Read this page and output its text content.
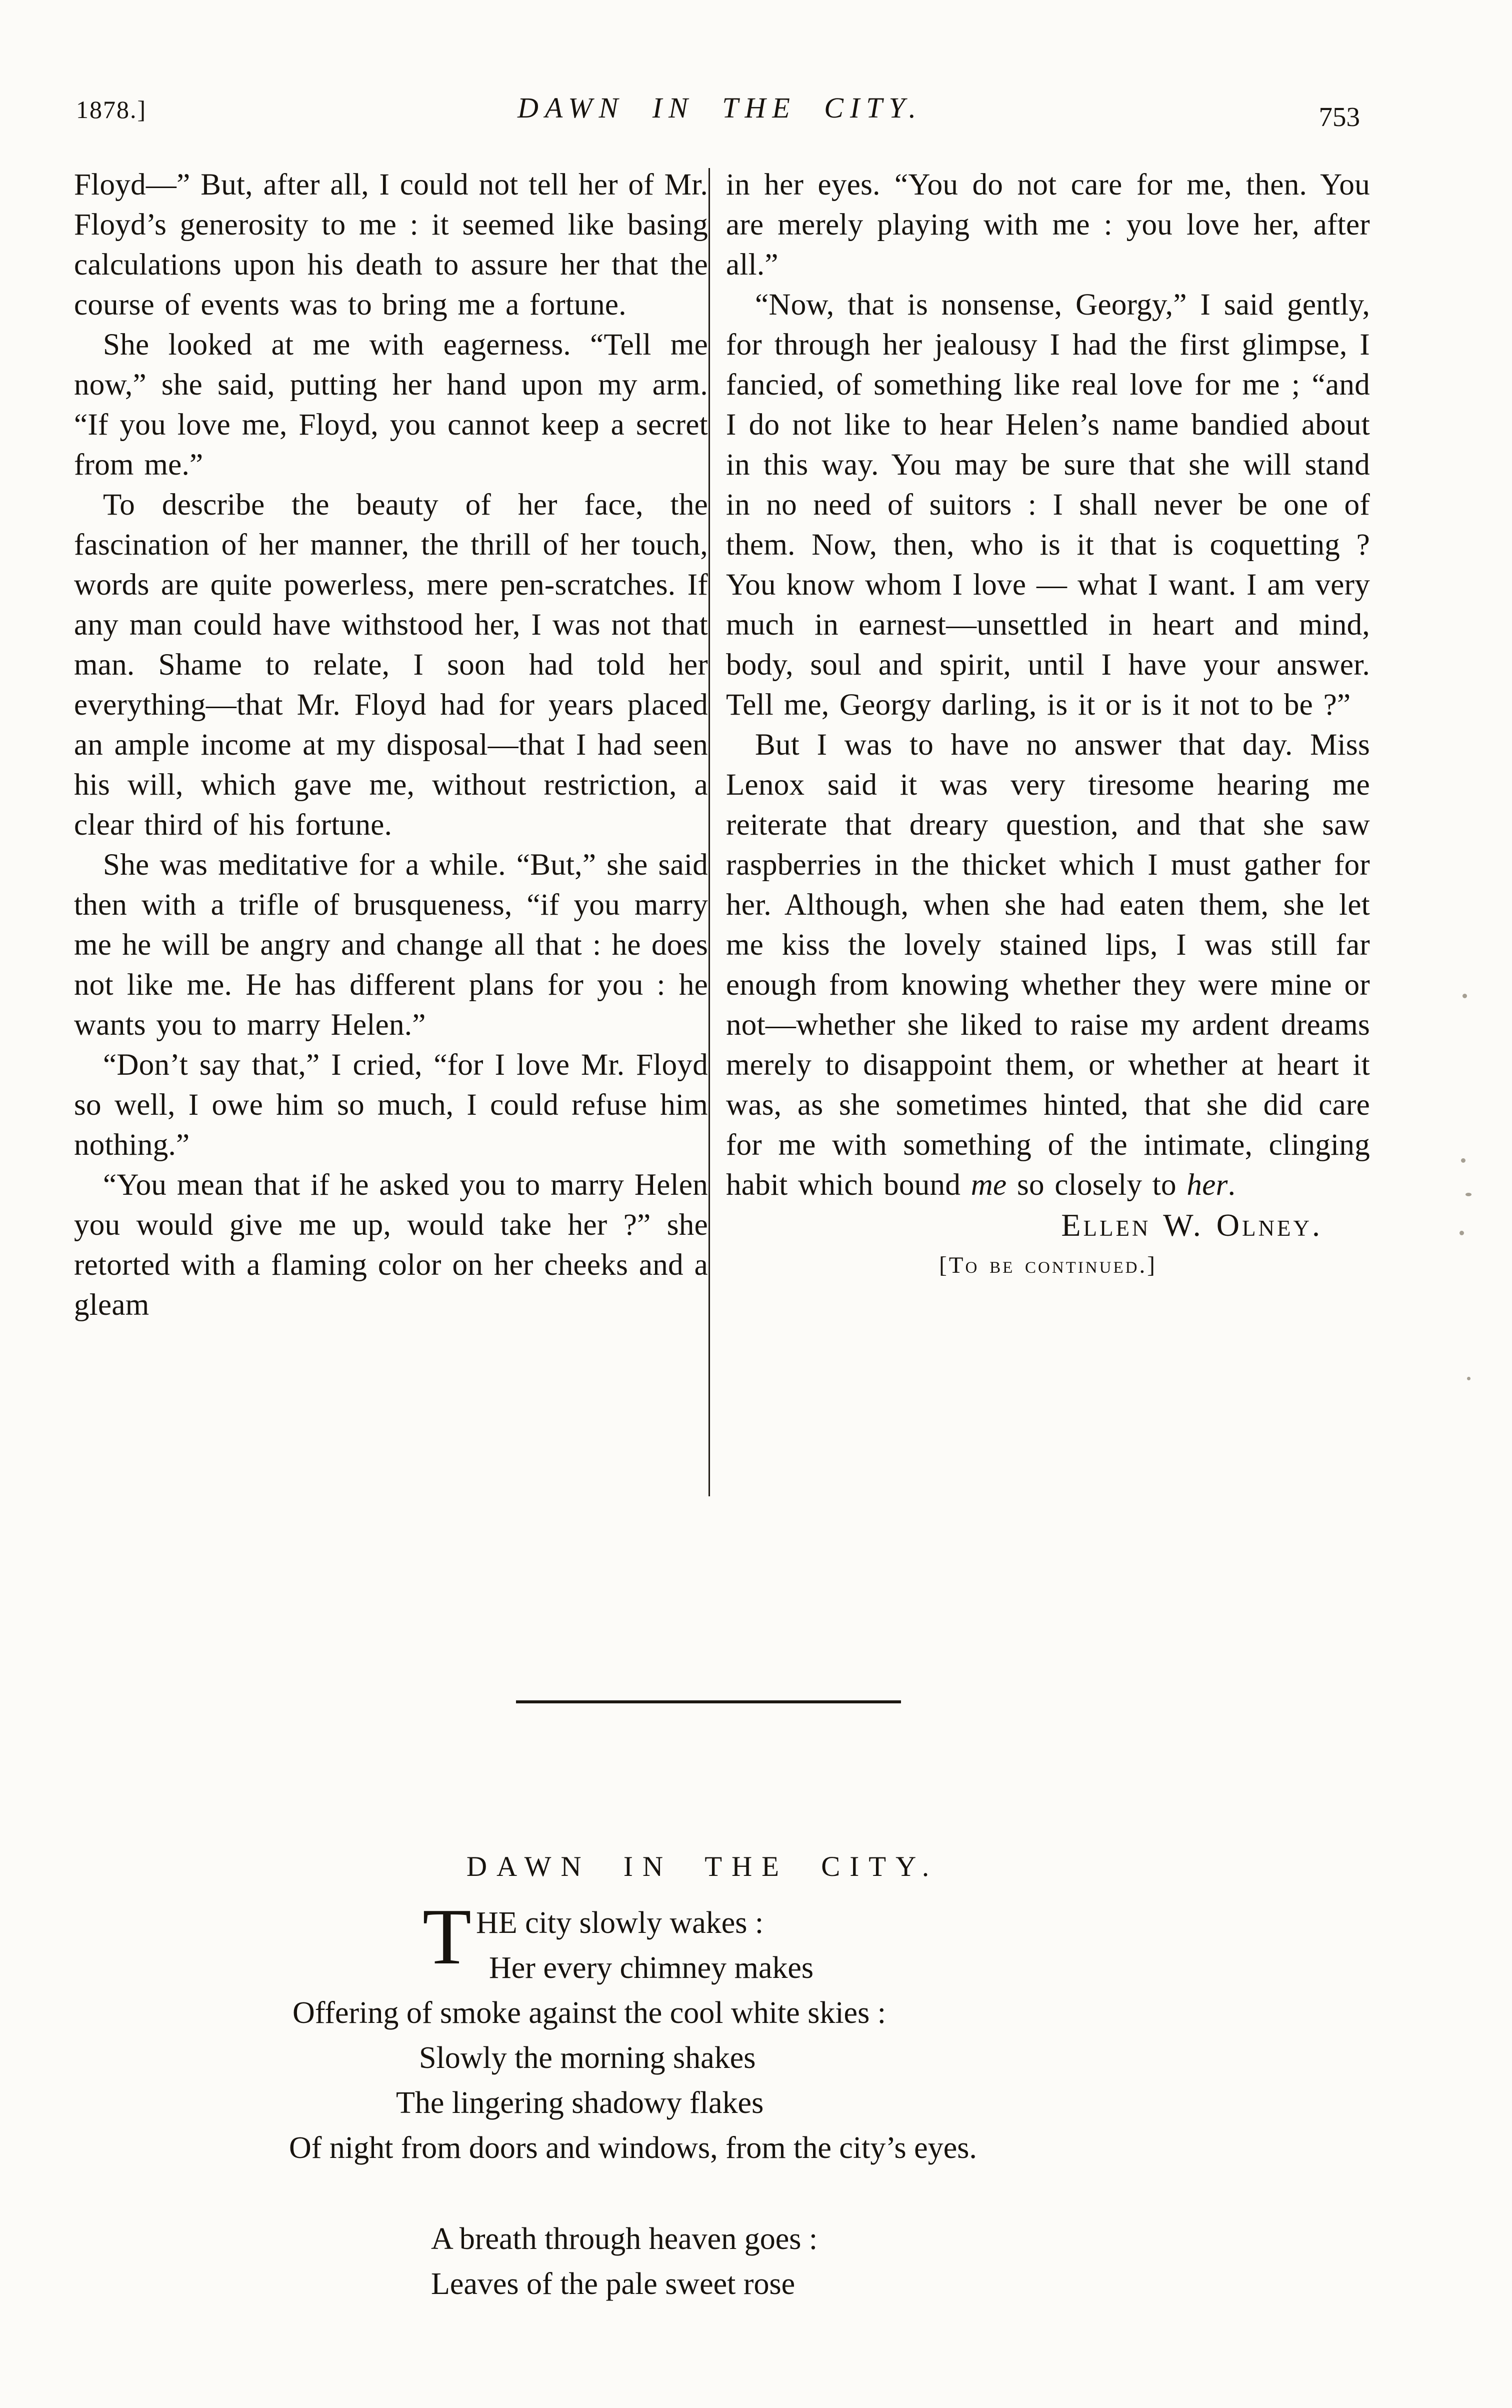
1878.]	DAWN IN THE CITY.	753

Floyd—” But, after all, I could not tell her of Mr. Floyd’s generosity to me : it seemed like basing calculations upon his death to assure her that the course of events was to bring me a fortune.

She looked at me with eagerness. “Tell me now,” she said, putting her hand upon my arm. “If you love me, Floyd, you cannot keep a secret from me.”

To describe the beauty of her face, the fascination of her manner, the thrill of her touch, words are quite powerless, mere pen-scratches. If any man could have withstood her, I was not that man. Shame to relate, I soon had told her everything—that Mr. Floyd had for years placed an ample income at my disposal—that I had seen his will, which gave me, without restriction, a clear third of his fortune.

She was meditative for a while. “But,” she said then with a trifle of brusqueness, “if you marry me he will be angry and change all that : he does not like me. He has different plans for you : he wants you to marry Helen.”

“Don’t say that,” I cried, “for I love Mr. Floyd so well, I owe him so much, I could refuse him nothing.”

“You mean that if he asked you to marry Helen you would give me up, would take her ?” she retorted with a flaming color on her cheeks and a gleam

in her eyes. “You do not care for me, then. You are merely playing with me : you love her, after all.”

“Now, that is nonsense, Georgy,” I said gently, for through her jealousy I had the first glimpse, I fancied, of something like real love for me ; “and I do not like to hear Helen’s name bandied about in this way. You may be sure that she will stand in no need of suitors : I shall never be one of them. Now, then, who is it that is coquetting ? You know whom I love — what I want. I am very much in earnest—unsettled in heart and mind, body, soul and spirit, until I have your answer. Tell me, Georgy darling, is it or is it not to be ?”

But I was to have no answer that day. Miss Lenox said it was very tiresome hearing me reiterate that dreary question, and that she saw raspberries in the thicket which I must gather for her. Although, when she had eaten them, she let me kiss the lovely stained lips, I was still far enough from knowing whether they were mine or not—whether she liked to raise my ardent dreams merely to disappoint them, or whether at heart it was, as she sometimes hinted, that she did care for me with something of the intimate, clinging habit which bound me so closely to her.

Ellen W. Olney.

[To be continued.]

DAWN IN THE CITY.
T HE city slowly wakes :
Her every chimney makes
Offering of smoke against the cool white skies :
Slowly the morning shakes
The lingering shadowy flakes
Of night from doors and windows, from the city’s eyes.
A breath through heaven goes :
Leaves of the pale sweet rose
